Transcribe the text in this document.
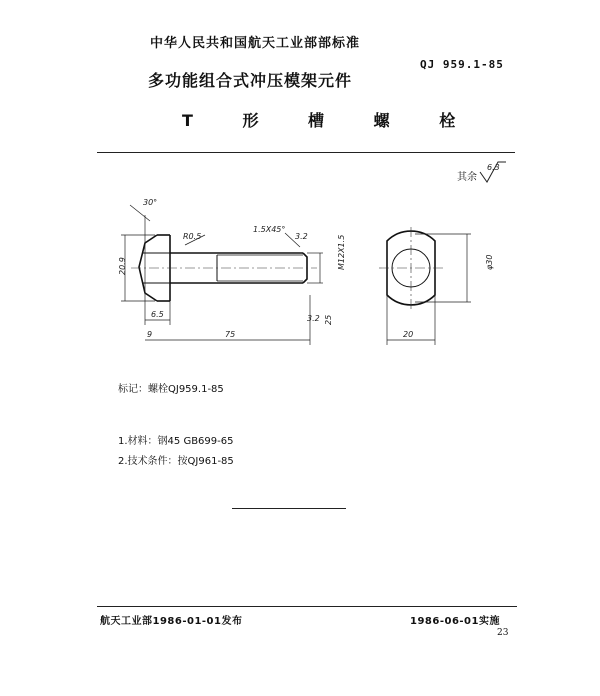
中华人民共和国航天工业部部标准
QJ 959.1-85
多功能组合式冲压模架元件
T 形 槽 螺 栓
其余
6.3
30°
20.9
R0.5
1.5X45°
3.2	M12X1.5
6.5
9	75
25
3.2
φ30
20
标记：螺栓QJ959.1-85
1.材料：钢45 GB699-65
2.技术条件：按QJ961-85
航天工业部1986-01-01发布	1986-06-01实施
23
